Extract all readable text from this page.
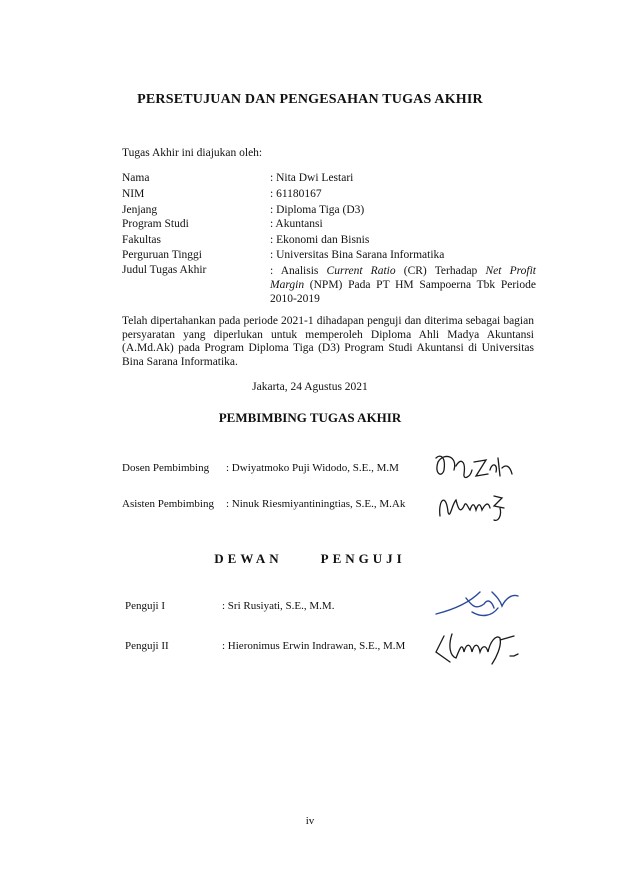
PERSETUJUAN DAN PENGESAHAN TUGAS AKHIR
Tugas Akhir ini diajukan oleh:
Nama	: Nita Dwi Lestari
NIM	: 61180167
Jenjang	: Diploma Tiga (D3)
Program Studi	: Akuntansi
Fakultas	: Ekonomi dan Bisnis
Perguruan Tinggi	: Universitas Bina Sarana Informatika
Judul Tugas Akhir	: Analisis Current Ratio (CR) Terhadap Net Profit Margin (NPM) Pada PT HM Sampoerna Tbk Periode 2010-2019
Telah dipertahankan pada periode 2021-1 dihadapan penguji dan diterima sebagai bagian persyaratan yang diperlukan untuk memperoleh Diploma Ahli Madya Akuntansi (A.Md.Ak) pada Program Diploma Tiga (D3) Program Studi Akuntansi di Universitas Bina Sarana Informatika.
Jakarta, 24 Agustus 2021
PEMBIMBING TUGAS AKHIR
Dosen Pembimbing : Dwiyatmoko Puji Widodo, S.E., M.M
Asisten Pembimbing : Ninuk Riesmiyantiningtias, S.E., M.Ak
DEWAN	PENGUJI
Penguji I	: Sri Rusiyati, S.E., M.M.
Penguji II	: Hieronimus Erwin Indrawan, S.E., M.M
iv
